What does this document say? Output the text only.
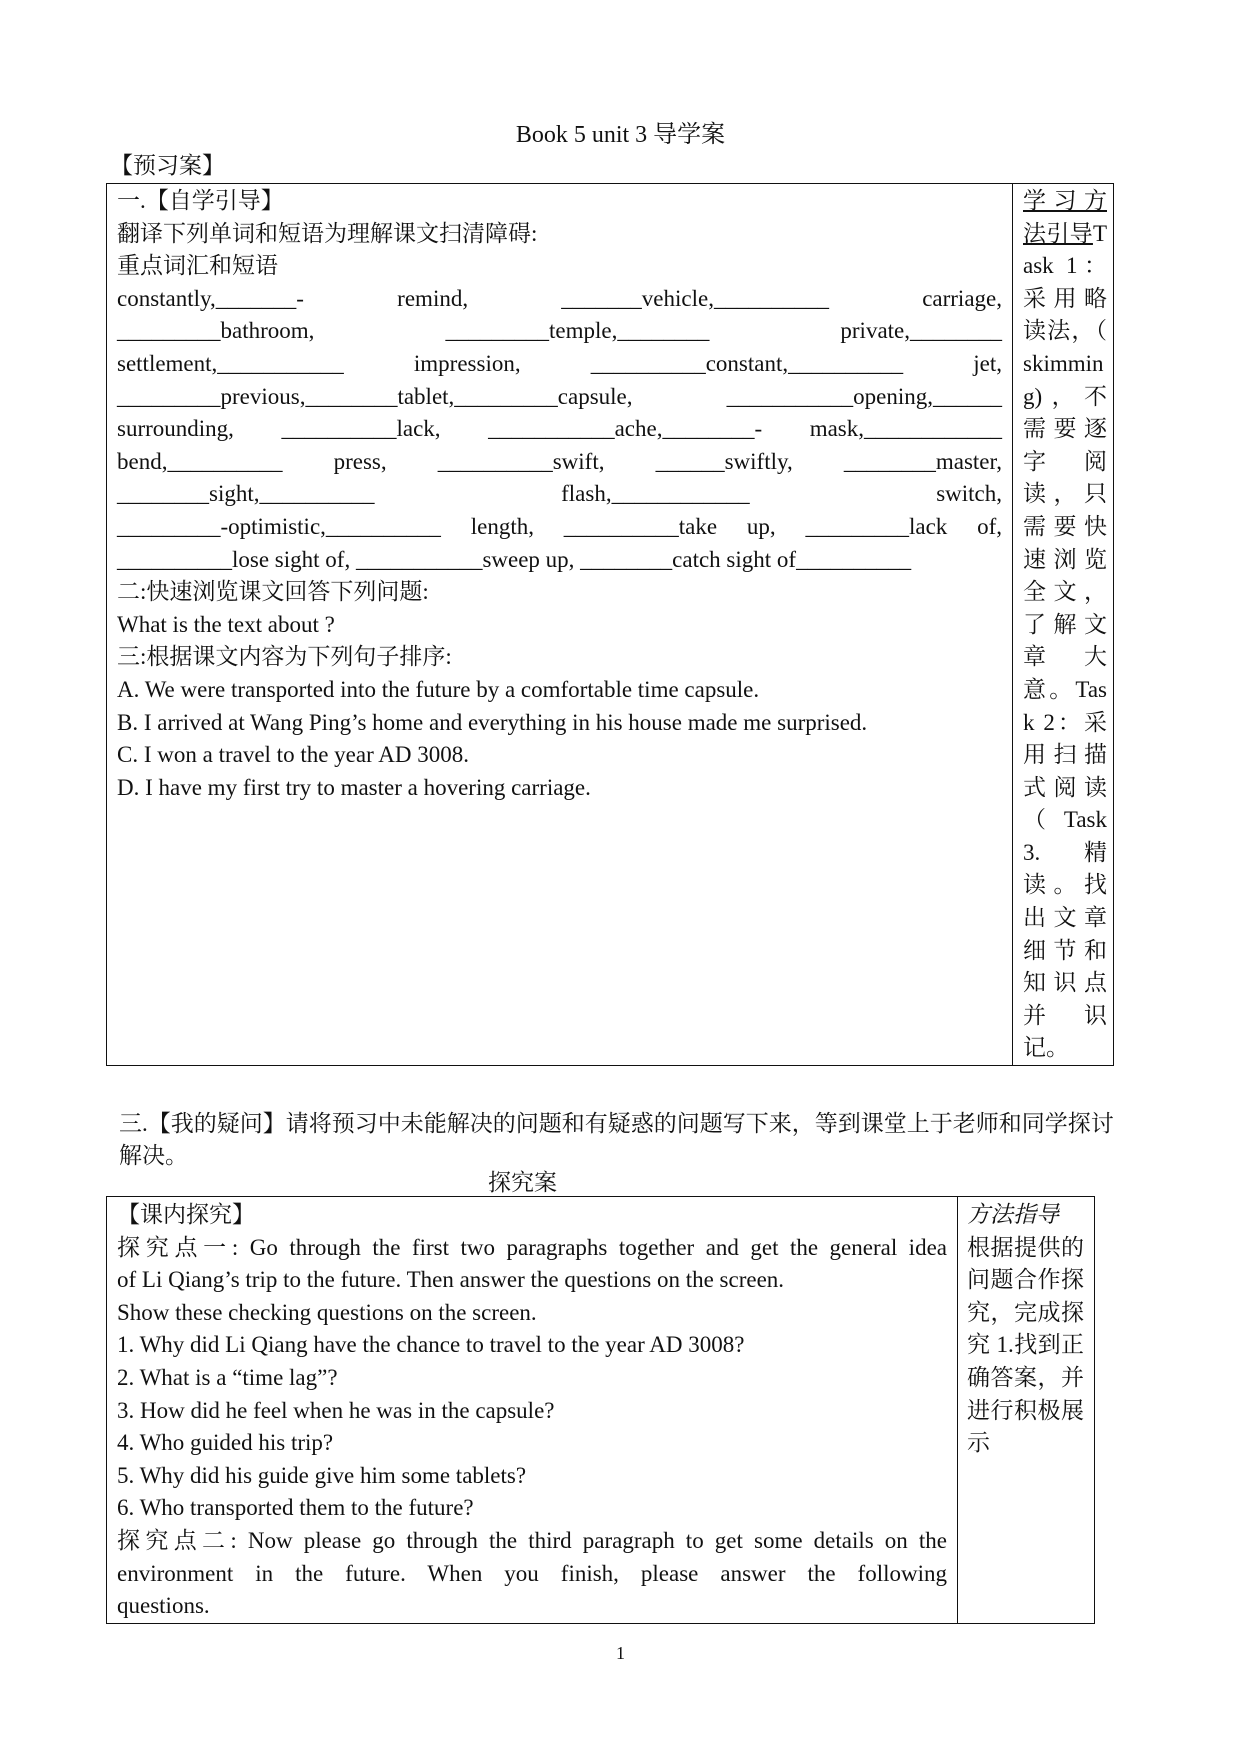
Book 5 unit 3 导学案
【预习案】
一.【自学引导】
翻译下列单词和短语为理解课文扫清障碍:
重点词汇和短语
constantly,_______- remind, _______vehicle,__________ carriage,
_________bathroom, _________temple,________ private,________
settlement,___________ impression, __________constant,__________ jet,
_________previous,________tablet,_________capsule, ___________opening,______
surrounding, __________lack, ___________ache,________- mask,____________
bend,__________ press, __________swift, ______swiftly, ________master,
________sight,__________ flash,____________ switch,
_________-optimistic,__________ length, __________take up, _________lack of,
__________lose sight of, ___________sweep up, ________catch sight of__________
二:快速浏览课文回答下列问题:
What is the text about ?
三:根据课文内容为下列句子排序:
A. We were transported into the future by a comfortable time capsule.
B. I arrived at Wang Ping’s home and everything in his house made me surprised.
C. I won a travel to the year AD 3008.
D. I have my first try to master a hovering carriage.

学习方法引导Task 1：采用略读法，（ skimming)，不需要逐字阅读，只需要快速浏览全文，了解文章大意。Task 2：采用扫描式阅读（ Task 3.精读。找出文章细节和知识点并识记。
三.【我的疑问】请将预习中未能解决的问题和有疑惑的问题写下来，等到课堂上于老师和同学探讨解决。
探究案
【课内探究】
探究点一: Go through the first two paragraphs together and get the general idea
of Li Qiang’s trip to the future. Then answer the questions on the screen.
Show these checking questions on the screen.
1. Why did Li Qiang have the chance to travel to the year AD 3008?
2. What is a “time lag”?
3. How did he feel when he was in the capsule?
4. Who guided his trip?
5. Why did his guide give him some tablets?
6. Who transported them to the future?
探究点二: Now please go through the third paragraph to get some details on the
environment in the future. When you finish, please answer the following
questions.

方法指导
根据提供的问题合作探究，完成探究 1.找到正确答案，并进行积极展示
1
